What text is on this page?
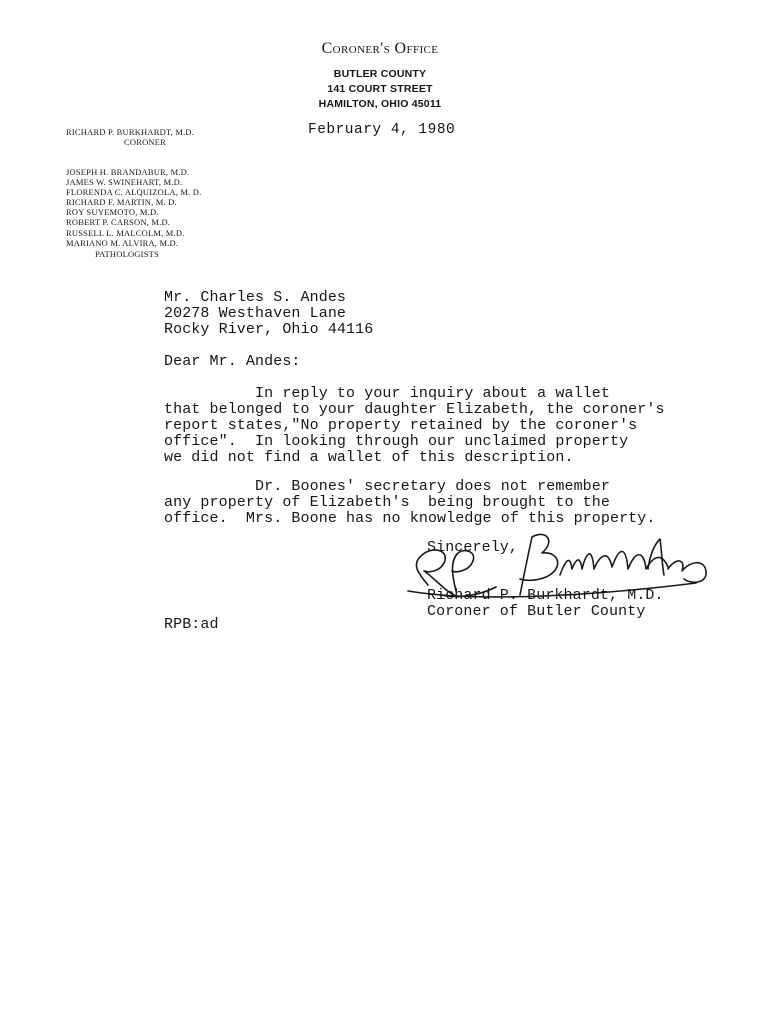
Coroner's Office
BUTLER COUNTY
141 COURT STREET
HAMILTON, OHIO 45011
February 4, 1980
RICHARD P. BURKHARDT, M.D.
CORONER
JOSEPH H. BRANDABUR, M.D.
JAMES W. SWINEHART, M.D.
FLORENDA C. ALQUIZOLA, M. D.
RICHARD F. MARTIN, M. D.
ROY SUYEMOTO, M.D.
ROBERT P. CARSON, M.D.
RUSSELL L. MALCOLM, M.D.
MARIANO M. ALVIRA, M.D.
PATHOLOGISTS
Mr. Charles S. Andes
20278 Westhaven Lane
Rocky River, Ohio 44116
Dear Mr. Andes:
In reply to your inquiry about a wallet
that belonged to your daughter Elizabeth, the coroner's
report states,"No property retained by the coroner's
office".  In looking through our unclaimed property
we did not find a wallet of this description.
Dr. Boones' secretary does not remember
any property of Elizabeth's  being brought to the
office.  Mrs. Boone has no knowledge of this property.
Sincerely,
Richard P. Burkhardt, M.D.
Coroner of Butler County
RPB:ad
